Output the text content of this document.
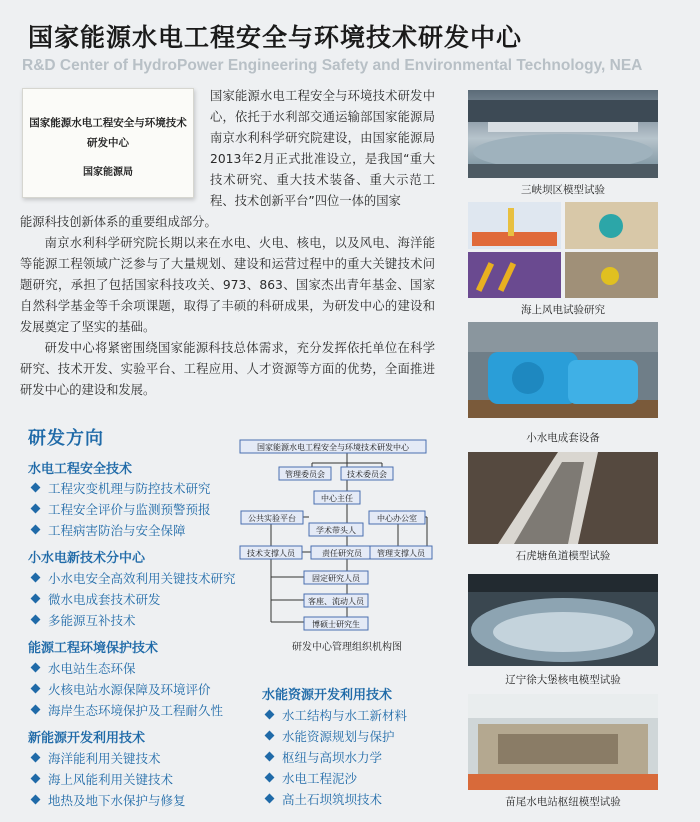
国家能源水电工程安全与环境技术研发中心
R&D Center of HydroPower Engineering Safety and Environmental Technology, NEA
国家能源水电工程安全与环境技术
研发中心
国家能源局
国家能源水电工程安全与环境技术研发中心，依托于水利部交通运输部国家能源局南京水利科学研究院建设，由国家能源局2013年2月正式批准设立，是我国“重大技术研究、重大技术装备、重大示范工程、技术创新平台”四位一体的国家
能源科技创新体系的重要组成部分。
南京水利科学研究院长期以来在水电、火电、核电，以及风电、海洋能等能源工程领域广泛参与了大量规划、建设和运营过程中的重大关键技术问题研究，承担了包括国家科技攻关、973、863、国家杰出青年基金、国家自然科学基金等千余项课题，取得了丰硕的科研成果，为研发中心的建设和发展奠定了坚实的基础。
研发中心将紧密围绕国家能源科技总体需求，充分发挥依托单位在科学研究、技术开发、实验平台、工程应用、人才资源等方面的优势，全面推进研发中心的建设和发展。
研发方向
水电工程安全技术
工程灾变机理与防控技术研究
工程安全评价与监测预警预报
工程病害防治与安全保障
小水电新技术分中心
小水电安全高效利用关键技术研究
微水电成套技术研发
多能源互补技术
能源工程环境保护技术
水电站生态环保
火核电站水源保障及环境评价
海岸生态环境保护及工程耐久性
新能源开发利用技术
海洋能利用关键技术
海上风能利用关键技术
地热及地下水保护与修复
水能资源开发利用技术
水工结构与水工新材料
水能资源规划与保护
枢纽与高坝水力学
水电工程泥沙
高土石坝筑坝技术
国家能源水电工程安全与环境技术研发中心
管理委员会	技术委员会
中心主任
公共实验平台	中心办公室
学术带头人
技术支撑人员	责任研究员 管理支撑人员
固定研究人员
客座、流动人员
博硕士研究生
研发中心管理组织机构图
三峡坝区模型试验
海上风电试验研究
小水电成套设备
石虎塘鱼道模型试验
辽宁徐大堡核电模型试验
苗尾水电站枢纽模型试验
